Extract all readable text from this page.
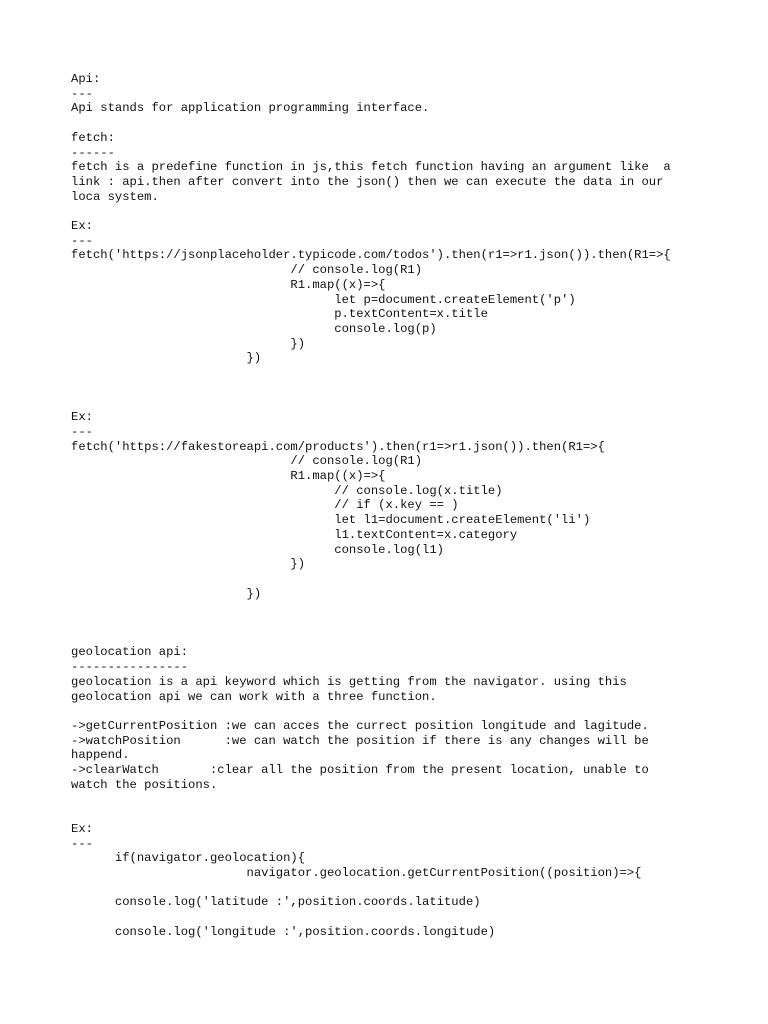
Api:
---
Api stands for application programming interface.

fetch:
------
fetch is a predefine function in js,this fetch function having an argument like  a
link : api.then after convert into the json() then we can execute the data in our
loca system.

Ex:
---
fetch('https://jsonplaceholder.typicode.com/todos').then(r1=>r1.json()).then(R1=>{
// console.log(R1)
R1.map((x)=>{
let p=document.createElement('p')
p.textContent=x.title
console.log(p)
})
})

Ex:
---
fetch('https://fakestoreapi.com/products').then(r1=>r1.json()).then(R1=>{
// console.log(R1)
R1.map((x)=>{
// console.log(x.title)
// if (x.key == )
let l1=document.createElement('li')
l1.textContent=x.category
console.log(l1)
})

})

geolocation api:
----------------
geolocation is a api keyword which is getting from the navigator. using this
geolocation api we can work with a three function.

->getCurrentPosition :we can acces the currect position longitude and lagitude.
->watchPosition      :we can watch the position if there is any changes will be
happend.
->clearWatch       :clear all the position from the present location, unable to
watch the positions.

Ex:
---
if(navigator.geolocation){
navigator.geolocation.getCurrentPosition((position)=>{

console.log('latitude :',position.coords.latitude)

console.log('longitude :',position.coords.longitude)
